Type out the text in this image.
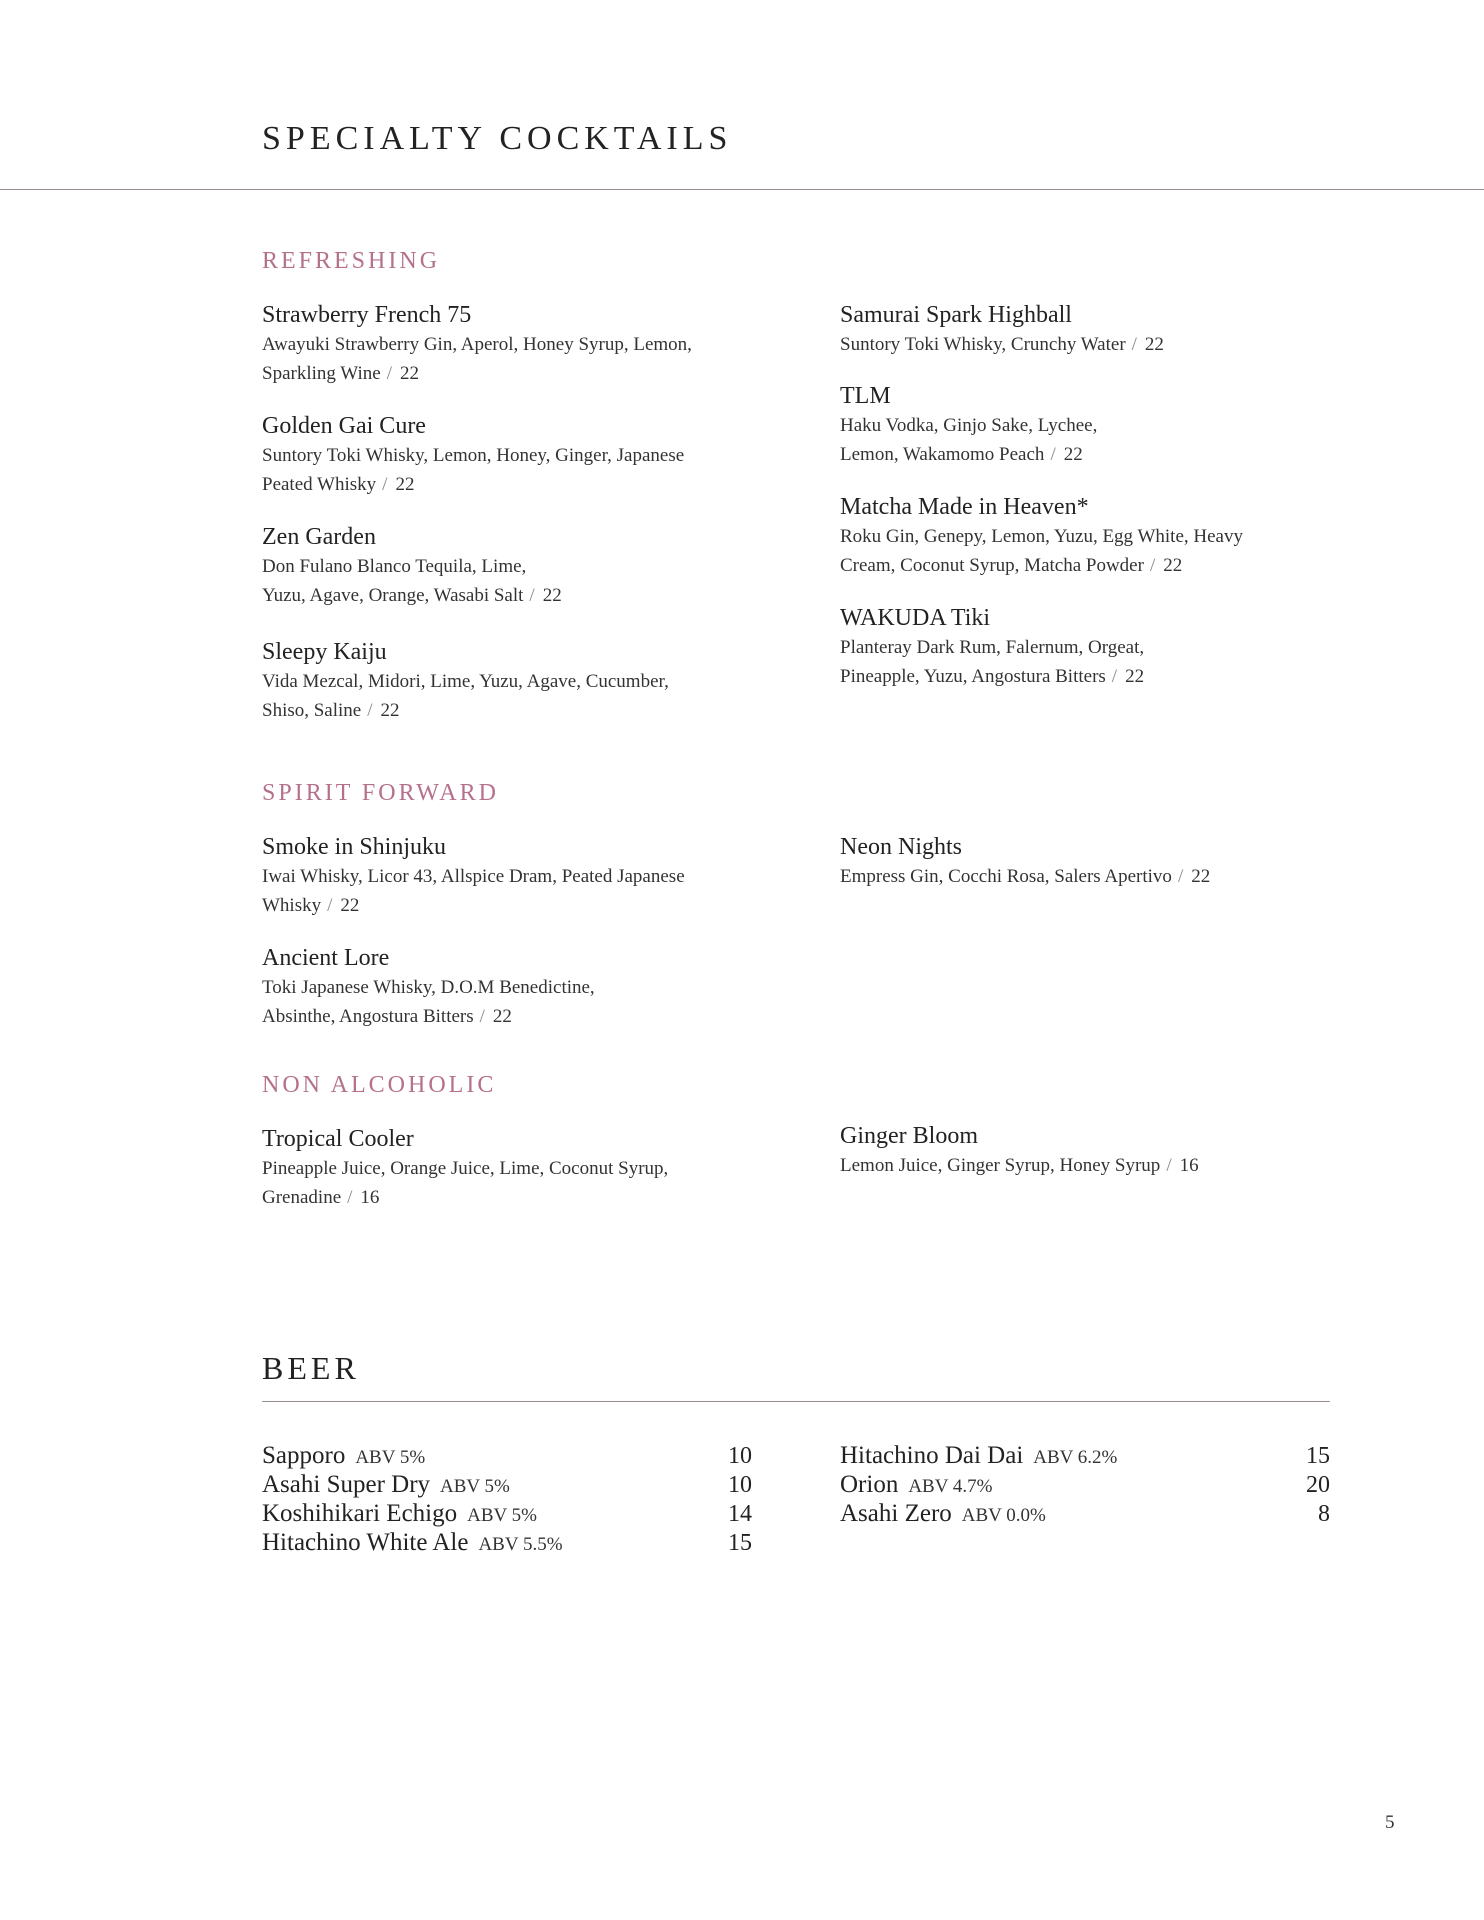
SPECIALTY COCKTAILS
REFRESHING
Strawberry French 75
Awayuki Strawberry Gin, Aperol, Honey Syrup, Lemon,
Sparkling Wine / 22
Golden Gai Cure
Suntory Toki Whisky, Lemon, Honey, Ginger, Japanese
Peated Whisky / 22
Zen Garden
Don Fulano Blanco Tequila, Lime,
Yuzu, Agave, Orange, Wasabi Salt / 22
Sleepy Kaiju
Vida Mezcal, Midori, Lime, Yuzu, Agave, Cucumber,
Shiso, Saline / 22
Samurai Spark Highball
Suntory Toki Whisky, Crunchy Water / 22
TLM
Haku Vodka, Ginjo Sake, Lychee,
Lemon, Wakamomo Peach / 22
Matcha Made in Heaven*
Roku Gin, Genepy, Lemon, Yuzu, Egg White, Heavy
Cream, Coconut Syrup, Matcha Powder / 22
WAKUDA Tiki
Planteray Dark Rum, Falernum, Orgeat,
Pineapple, Yuzu, Angostura Bitters / 22
SPIRIT FORWARD
Smoke in Shinjuku
Iwai Whisky, Licor 43, Allspice Dram, Peated Japanese
Whisky / 22
Ancient Lore
Toki Japanese Whisky, D.O.M Benedictine,
Absinthe, Angostura Bitters / 22
Neon Nights
Empress Gin, Cocchi Rosa, Salers Apertivo / 22
NON ALCOHOLIC
Tropical Cooler
Pineapple Juice, Orange Juice, Lime, Coconut Syrup,
Grenadine / 16
Ginger Bloom
Lemon Juice, Ginger Syrup, Honey Syrup / 16
BEER
Sapporo ABV 5%	10
Asahi Super Dry ABV 5%	10
Koshihikari Echigo ABV 5%	14
Hitachino White Ale ABV 5.5%	15
Hitachino Dai Dai ABV 6.2%	15
Orion ABV 4.7%	20
Asahi Zero ABV 0.0%	8
5
